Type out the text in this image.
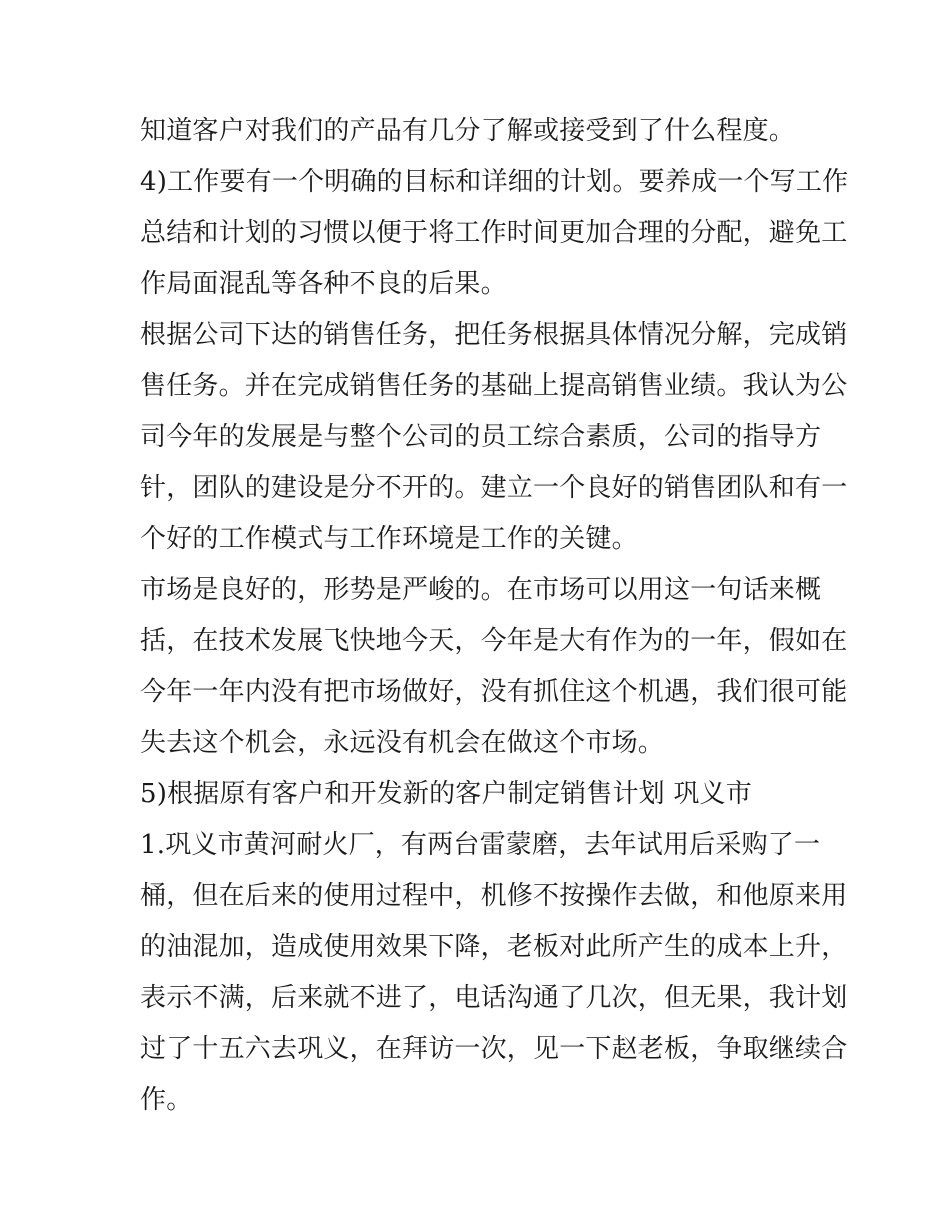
知道客户对我们的产品有几分了解或接受到了什么程度。
4)工作要有一个明确的目标和详细的计划。要养成一个写工作
总结和计划的习惯以便于将工作时间更加合理的分配，避免工
作局面混乱等各种不良的后果。
根据公司下达的销售任务，把任务根据具体情况分解，完成销
售任务。并在完成销售任务的基础上提高销售业绩。我认为公
司今年的发展是与整个公司的员工综合素质，公司的指导方
针，团队的建设是分不开的。建立一个良好的销售团队和有一
个好的工作模式与工作环境是工作的关键。
市场是良好的，形势是严峻的。在市场可以用这一句话来概
括，在技术发展飞快地今天，今年是大有作为的一年，假如在
今年一年内没有把市场做好，没有抓住这个机遇，我们很可能
失去这个机会，永远没有机会在做这个市场。
5)根据原有客户和开发新的客户制定销售计划 巩义市
1.巩义市黄河耐火厂，有两台雷蒙磨，去年试用后采购了一
桶，但在后来的使用过程中，机修不按操作去做，和他原来用
的油混加，造成使用效果下降，老板对此所产生的成本上升，
表示不满，后来就不进了，电话沟通了几次，但无果，我计划
过了十五六去巩义，在拜访一次，见一下赵老板，争取继续合
作。
